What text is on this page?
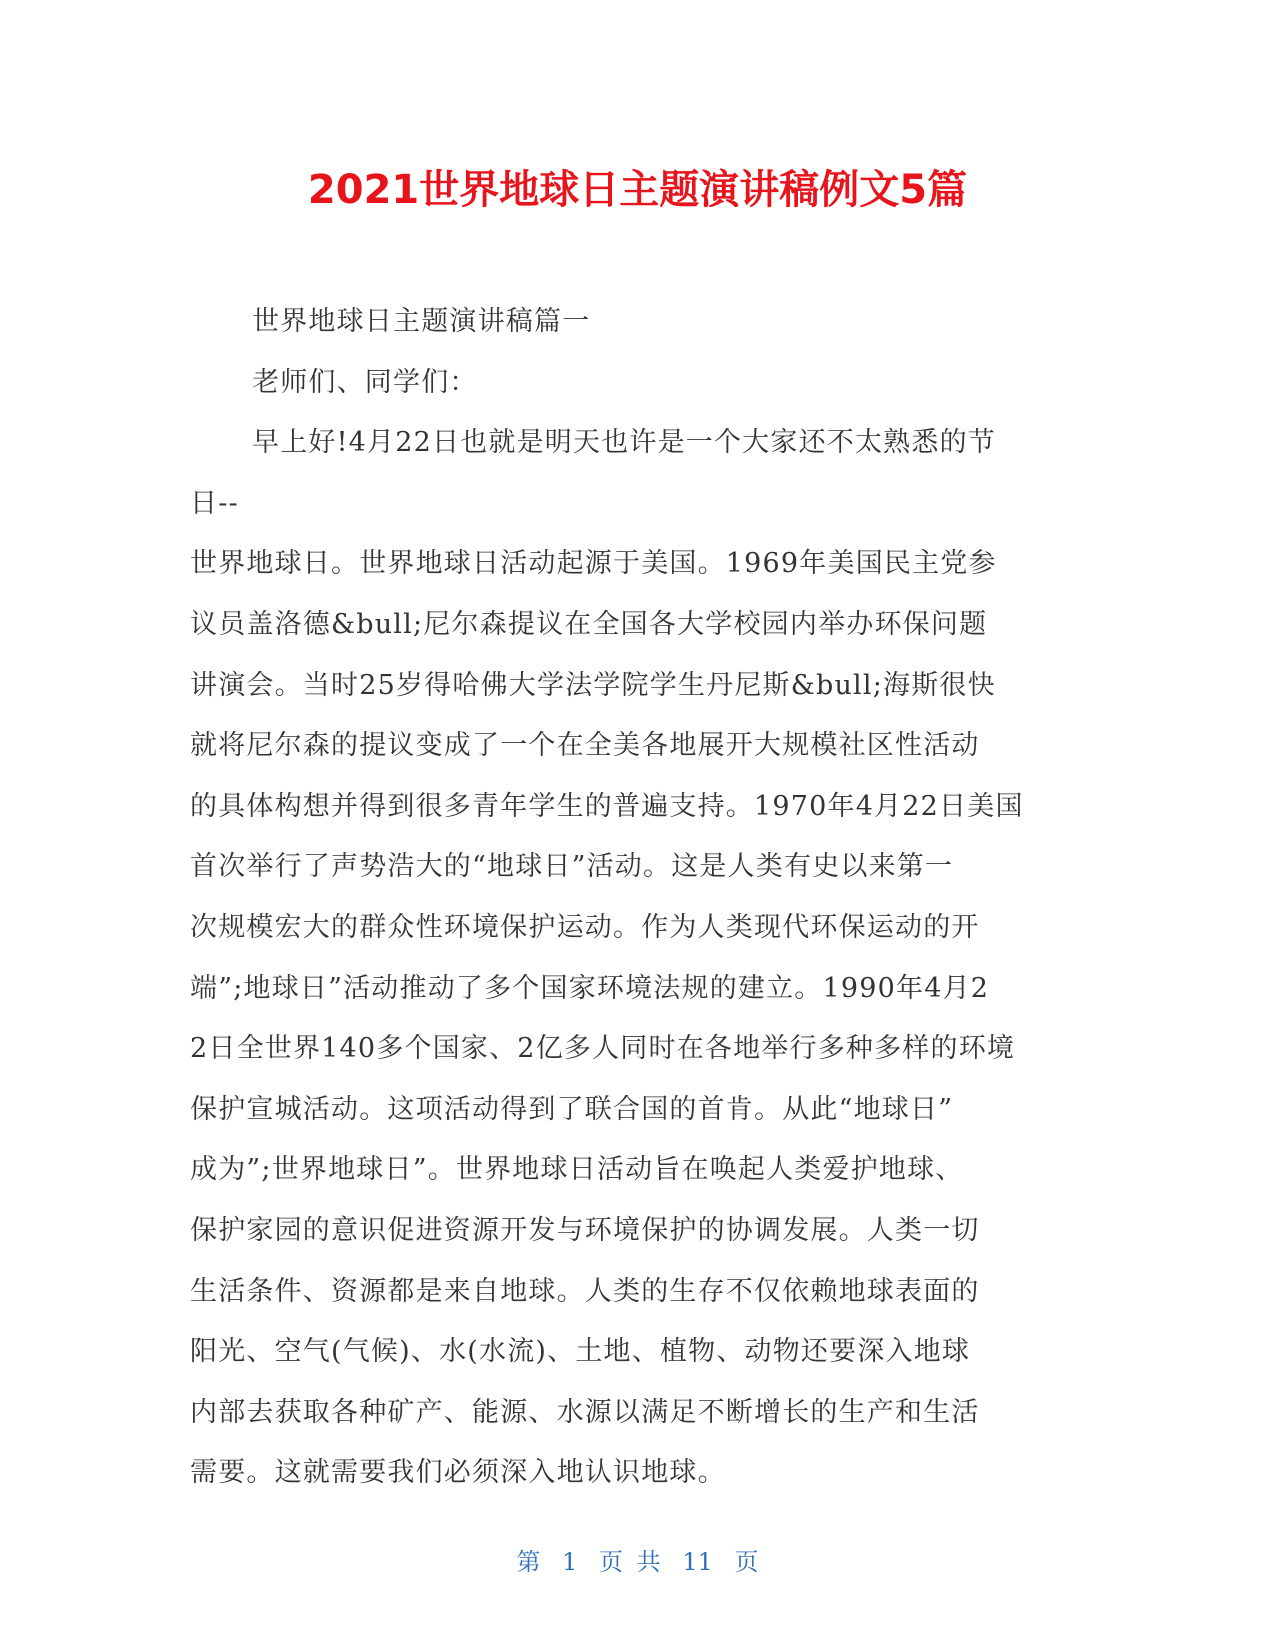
2021世界地球日主题演讲稿例文5篇
世界地球日主题演讲稿篇一
老师们、同学们：
早上好!4月22日也就是明天也许是一个大家还不太熟悉的节
日--
世界地球日。世界地球日活动起源于美国。1969年美国民主党参
议员盖洛德&bull;尼尔森提议在全国各大学校园内举办环保问题
讲演会。当时25岁得哈佛大学法学院学生丹尼斯&bull;海斯很快
就将尼尔森的提议变成了一个在全美各地展开大规模社区性活动
的具体构想并得到很多青年学生的普遍支持。1970年4月22日美国
首次举行了声势浩大的“地球日”活动。这是人类有史以来第一
次规模宏大的群众性环境保护运动。作为人类现代环保运动的开
端”;地球日”活动推动了多个国家环境法规的建立。1990年4月2
2日全世界140多个国家、2亿多人同时在各地举行多种多样的环境
保护宣城活动。这项活动得到了联合国的首肯。从此“地球日”
成为”;世界地球日”。世界地球日活动旨在唤起人类爱护地球、
保护家园的意识促进资源开发与环境保护的协调发展。人类一切
生活条件、资源都是来自地球。人类的生存不仅依赖地球表面的
阳光、空气(气候)、水(水流)、土地、植物、动物还要深入地球
内部去获取各种矿产、能源、水源以满足不断增长的生产和生活
需要。这就需要我们必须深入地认识地球。
第 1 页 共 11 页
